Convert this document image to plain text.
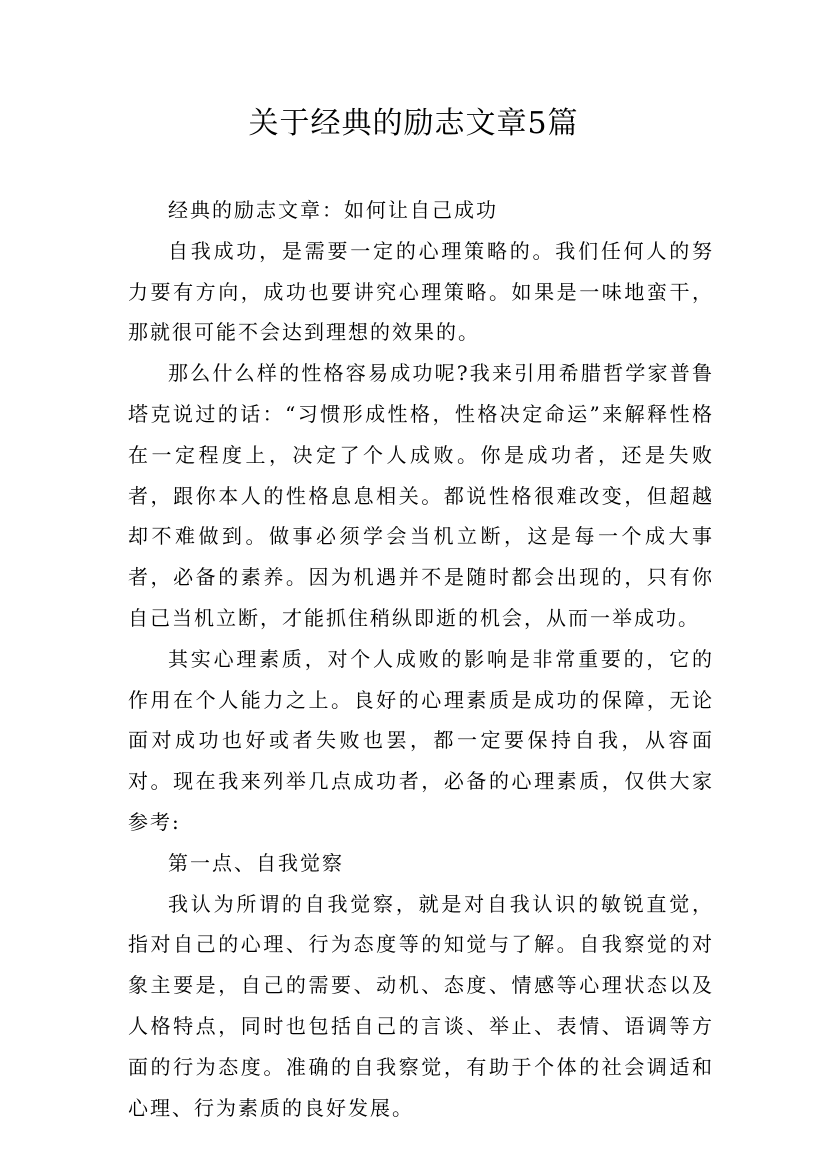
关于经典的励志文章5篇

经典的励志文章：如何让自己成功

自我成功，是需要一定的心理策略的。我们任何人的努力要有方向，成功也要讲究心理策略。如果是一味地蛮干，那就很可能不会达到理想的效果的。

那么什么样的性格容易成功呢?我来引用希腊哲学家普鲁塔克说过的话：“习惯形成性格，性格决定命运”来解释性格在一定程度上，决定了个人成败。你是成功者，还是失败者，跟你本人的性格息息相关。都说性格很难改变，但超越却不难做到。做事必须学会当机立断，这是每一个成大事者，必备的素养。因为机遇并不是随时都会出现的，只有你自己当机立断，才能抓住稍纵即逝的机会，从而一举成功。

其实心理素质，对个人成败的影响是非常重要的，它的作用在个人能力之上。良好的心理素质是成功的保障，无论面对成功也好或者失败也罢，都一定要保持自我，从容面对。现在我来列举几点成功者，必备的心理素质，仅供大家参考:

第一点、自我觉察

我认为所谓的自我觉察，就是对自我认识的敏锐直觉，指对自己的心理、行为态度等的知觉与了解。自我察觉的对象主要是，自己的需要、动机、态度、情感等心理状态以及人格特点，同时也包括自己的言谈、举止、表情、语调等方面的行为态度。准确的自我察觉，有助于个体的社会调适和心理、行为素质的良好发展。
